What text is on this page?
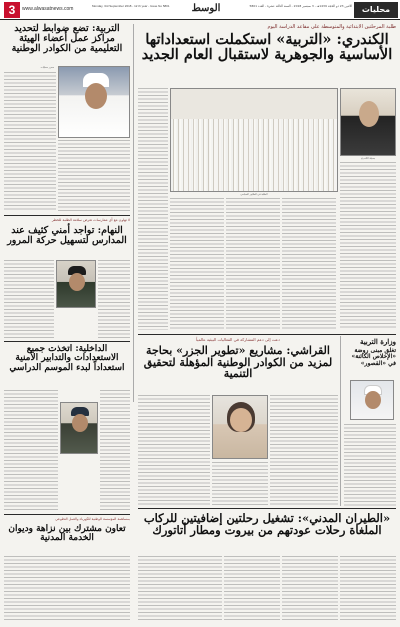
3	www.alwasatnews.com	Monday, 3rd September 2018 - 12 th year - Issue No 5801	الوسط	الاثنين 23 ذو الحجة 1439هـ - 3 سبتمبر 2018 - السنة الثالثة عشرة - العدد 5801	محليات
طلبة المرحلتين الابتدائية والمتوسطة على مقاعد الدراسة اليوم
الكندري: «التربية» استكملت استعداداتها الأساسية والجوهرية لاستقبال العام الجديد
جميلة الكندري
الطلبة في الطابور الصباحي
التربية: تضع ضوابط لتحديد مراكز عمل أعضاء الهيئة التعليمية من الكوادر الوطنية
محرر محليات
لا تهاون مع أي ممارسات تعرض سلامة الطلبة للخطر
النهام: تواجد أمني كثيف عند المدارس لتسهيل حركة المرور
الداخلية: اتخذت جميع الاستعدادات والتدابير الأمنية استعداداً لبدء الموسم الدراسي
بمساهمة المؤسسة الوطنية للكهرباء والعمل التطوعي
تعاون مشترك بين نزاهة وديوان الخدمة المدنية
دعت إلى دعم المشاركة في الفعاليات البيئية عالمياً
القراشي: مشاريع «تطوير الجزر» بحاجة لمزيد من الكوادر الوطنية المؤهلة لتحقيق التنمية
وزارة التربية
تغلق مبنى روضة «الإخلاص الكائنة» في «القصور»
«الطيران المدني»: تشغيل رحلتين إضافيتين للركاب الملغاة رحلات عودتهم من بيروت ومطار أتاتورك
